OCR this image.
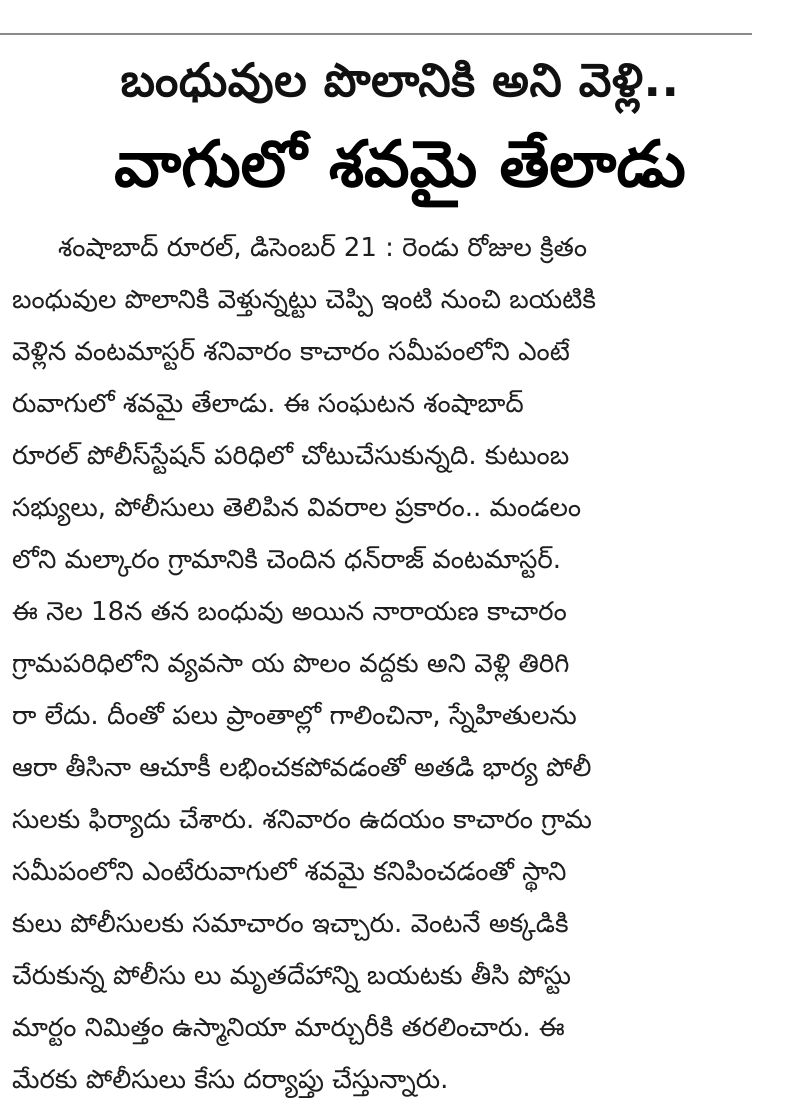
బంధువుల పొలానికి అని వెళ్లి..
వాగులో శవమై తేలాడు
శంషాబాద్ రూరల్, డిసెంబర్ 21 : రెండు రోజుల క్రితం
బంధువుల పొలానికి వెళ్తున్నట్టు చెప్పి ఇంటి నుంచి బయటికి
వెళ్లిన వంటమాస్టర్ శనివారం కాచారం సమీపంలోని ఎంటే
రువాగులో శవమై తేలాడు. ఈ సంఘటన శంషాబాద్
రూరల్ పోలీస్‌స్టేషన్ పరిధిలో చోటుచేసుకున్నది. కుటుంబ
సభ్యులు, పోలీసులు తెలిపిన వివరాల ప్రకారం.. మండలం
లోని మల్కారం గ్రామానికి చెందిన ధన్‌రాజ్ వంటమాస్టర్.
ఈ నెల 18న తన బంధువు అయిన నారాయణ కాచారం
గ్రామపరిధిలోని వ్యవసా య పొలం వద్దకు అని వెళ్లి తిరిగి
రా లేదు. దీంతో పలు ప్రాంతాల్లో గాలించినా, స్నేహితులను
ఆరా తీసినా ఆచూకీ లభించకపోవడంతో అతడి భార్య పోలీ
సులకు ఫిర్యాదు చేశారు. శనివారం ఉదయం కాచారం గ్రామ
సమీపంలోని ఎంటేరువాగులో శవమై కనిపించడంతో స్థాని
కులు పోలీసులకు సమాచారం ఇచ్చారు. వెంటనే అక్కడికి
చేరుకున్న పోలీసు లు మృతదేహాన్ని బయటకు తీసి పోస్టు
మార్టం నిమిత్తం ఉస్మానియా మార్చురీకి తరలించారు. ఈ
మేరకు పోలీసులు కేసు దర్యాప్తు చేస్తున్నారు.
